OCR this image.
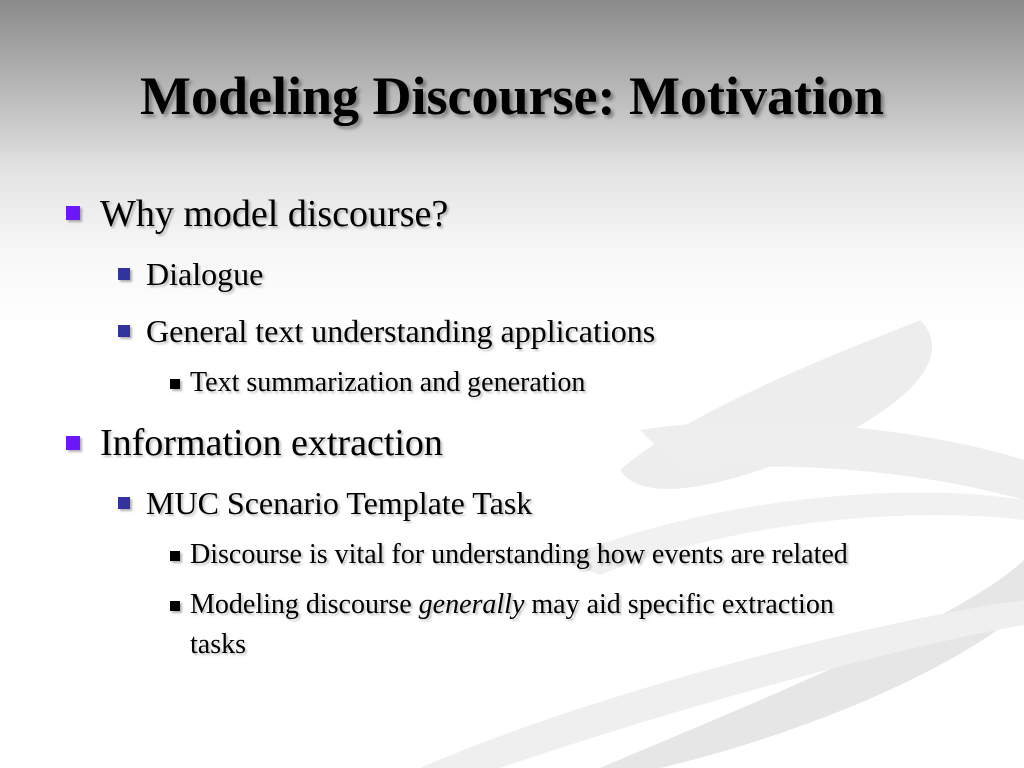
Modeling Discourse: Motivation
Why model discourse?
Dialogue
General text understanding applications
Text summarization and generation
Information extraction
MUC Scenario Template Task
Discourse is vital for understanding how events are related
Modeling discourse generally may aid specific extraction
tasks
